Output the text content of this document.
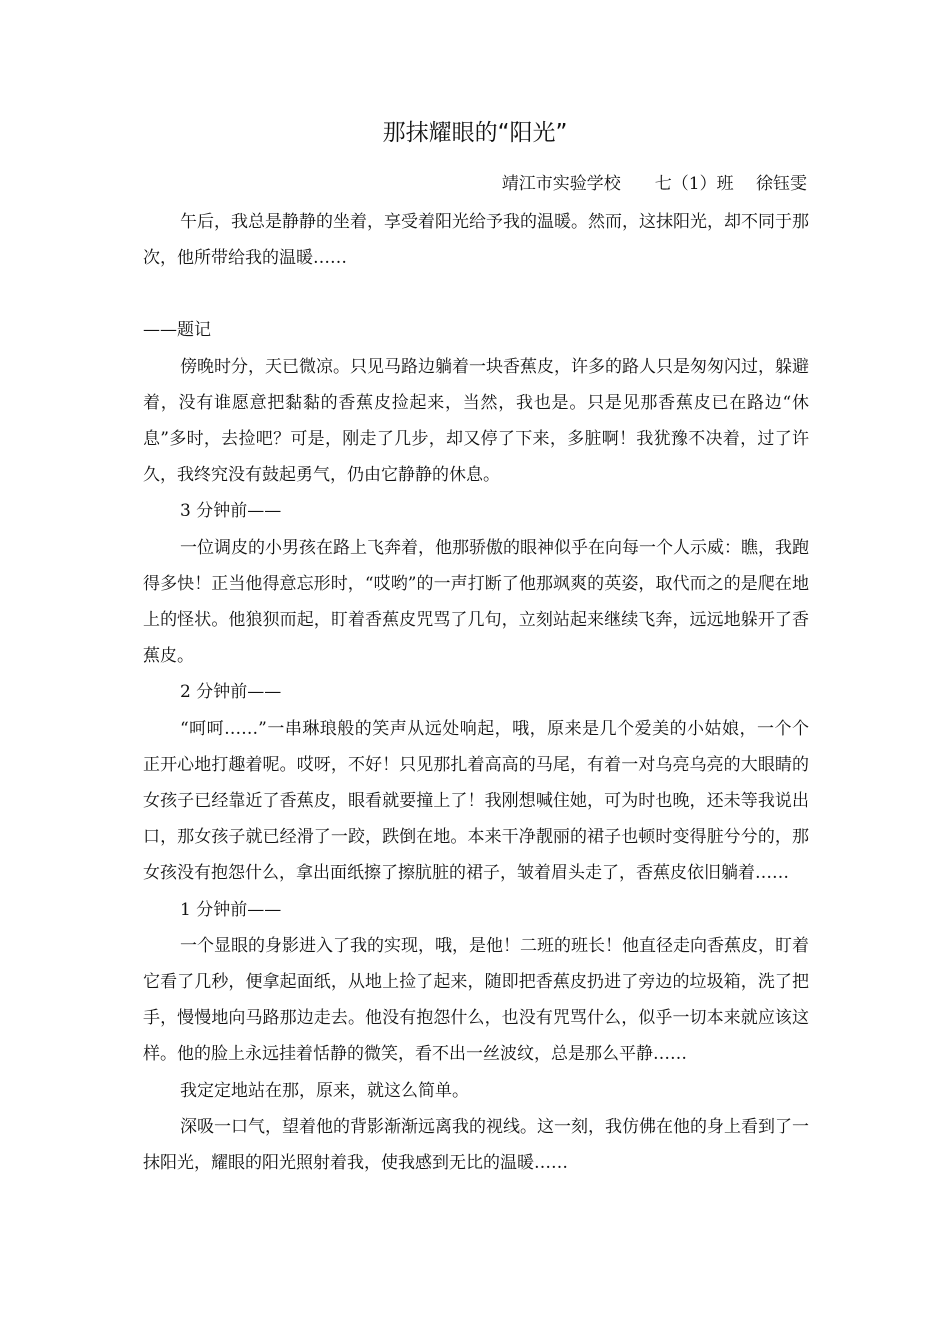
那抹耀眼的“阳光”
靖江市实验学校　　七（1）班　 徐钰雯

午后，我总是静静的坐着，享受着阳光给予我的温暖。然而，这抹阳光，却不同于那次，他所带给我的温暖……

——题记

傍晚时分，天已微凉。只见马路边躺着一块香蕉皮，许多的路人只是匆匆闪过，躲避着，没有谁愿意把黏黏的香蕉皮捡起来，当然，我也是。只是见那香蕉皮已在路边“休息”多时，去捡吧？可是，刚走了几步，却又停了下来，多脏啊！我犹豫不决着，过了许久，我终究没有鼓起勇气，仍由它静静的休息。

3 分钟前——

一位调皮的小男孩在路上飞奔着，他那骄傲的眼神似乎在向每一个人示威：瞧，我跑得多快！正当他得意忘形时，“哎哟”的一声打断了他那飒爽的英姿，取代而之的是爬在地上的怪状。他狼狈而起，盯着香蕉皮咒骂了几句，立刻站起来继续飞奔，远远地躲开了香蕉皮。

2 分钟前——

“呵呵……”一串琳琅般的笑声从远处响起，哦，原来是几个爱美的小姑娘，一个个正开心地打趣着呢。哎呀，不好！只见那扎着高高的马尾，有着一对乌亮乌亮的大眼睛的女孩子已经靠近了香蕉皮，眼看就要撞上了！我刚想喊住她，可为时也晚，还未等我说出口，那女孩子就已经滑了一跤，跌倒在地。本来干净靓丽的裙子也顿时变得脏兮兮的，那女孩没有抱怨什么，拿出面纸擦了擦肮脏的裙子，皱着眉头走了，香蕉皮依旧躺着……

1 分钟前——

一个显眼的身影进入了我的实现，哦，是他！二班的班长！他直径走向香蕉皮，盯着它看了几秒，便拿起面纸，从地上捡了起来，随即把香蕉皮扔进了旁边的垃圾箱，洗了把手，慢慢地向马路那边走去。他没有抱怨什么，也没有咒骂什么，似乎一切本来就应该这样。他的脸上永远挂着恬静的微笑，看不出一丝波纹，总是那么平静……

我定定地站在那，原来，就这么简单。

深吸一口气，望着他的背影渐渐远离我的视线。这一刻，我仿佛在他的身上看到了一抹阳光，耀眼的阳光照射着我，使我感到无比的温暖……
